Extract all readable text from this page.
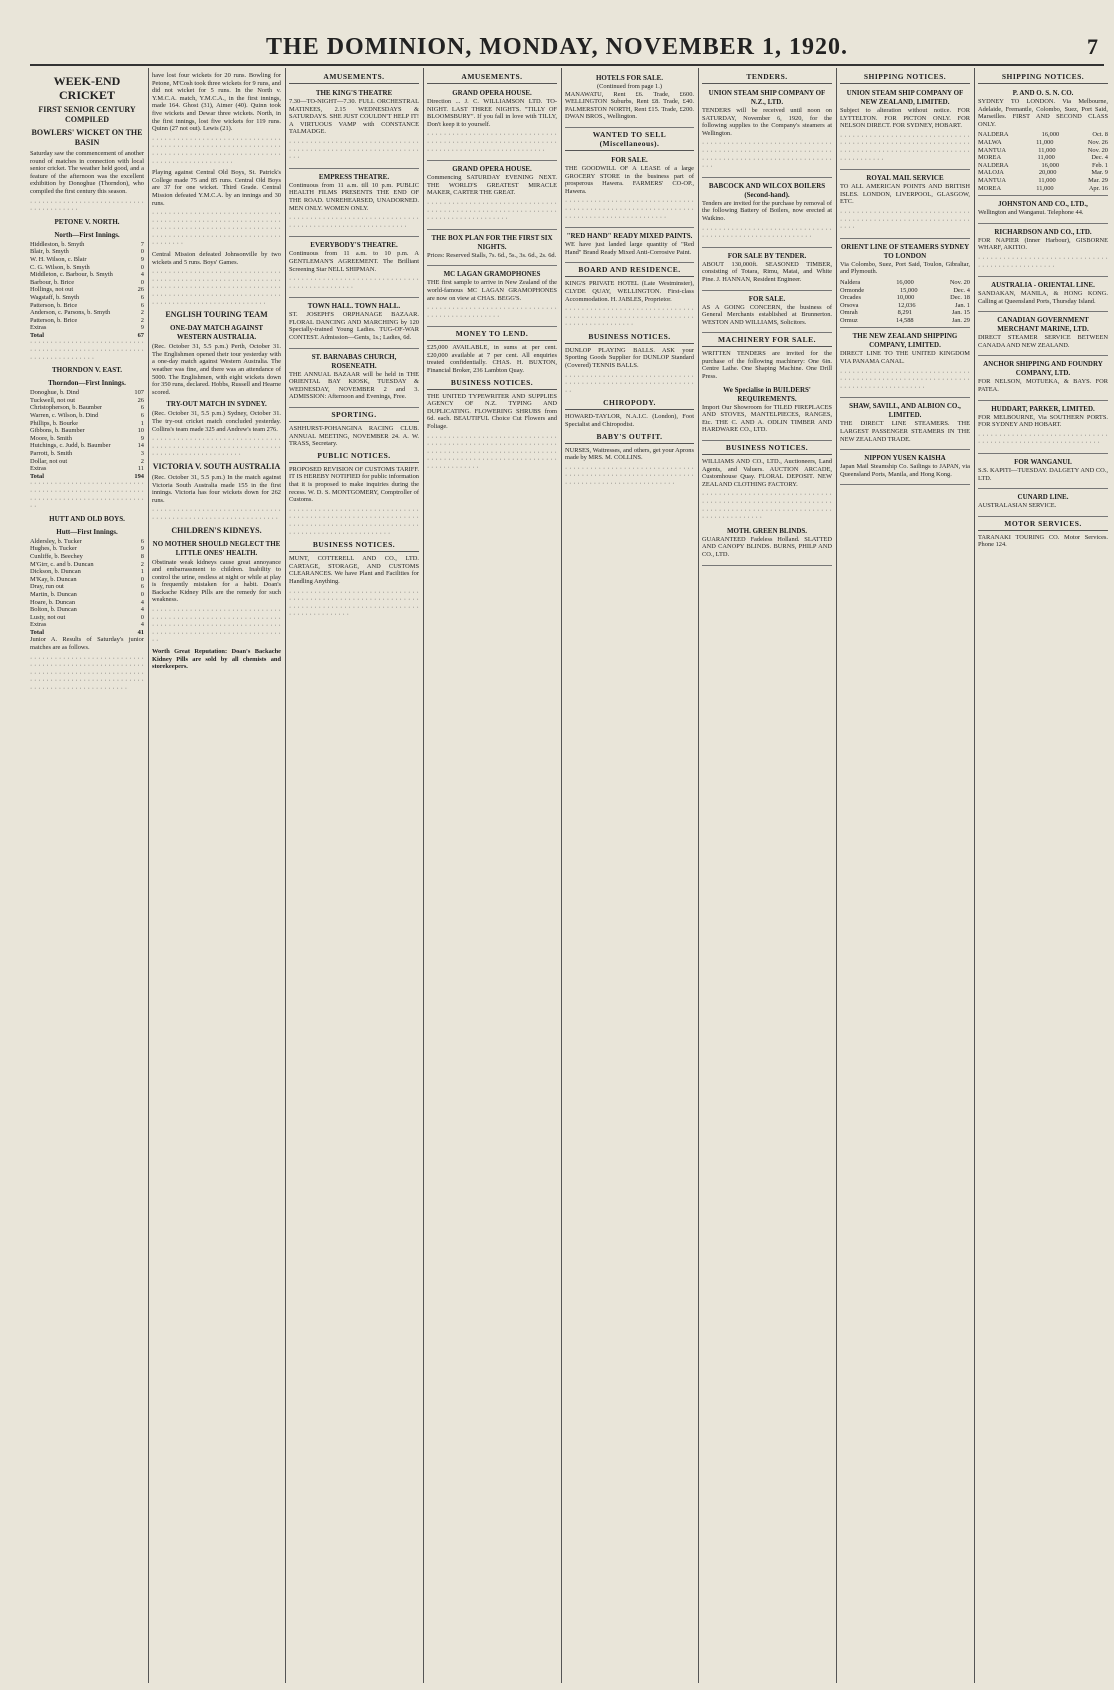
THE DOMINION, MONDAY, NOVEMBER 1, 1920.	7
WEEK-END CRICKET
FIRST SENIOR CENTURY COMPILED
BOWLERS' WICKET ON THE BASIN

Saturday saw the commencement of another round of matches in connection with local senior cricket. The weather held good, and a feature of the afternoon was the excellent exhibition by Donoghue (Thorndon), who compiled the first century this season.

· · · · · · · · · · · · · · · · · · · · · · · · · · · · · · · · · · · · · · · ·

PETONE V. NORTH.
North—First Innings.
Hiddleston, b. Smyth	7
Blair, b. Smyth	0
W. H. Wilson, c. Blair	9
C. G. Wilson, b. Smyth	0
Middleton, c. Barbour, b. Smyth	4
Barbour, b. Brice	0
Hollings, not out	26
Wagstaff, b. Smyth	6
Patterson, b. Brice	6
Anderson, c. Parsons, b. Smyth	2
Patterson, b. Brice	2
Extras	9
Total	67

· · · · · · · · · · · · · · · · · · · · · · · · · · · · · · · · · · · · · · · · · · · · · · · · · · · · · · · · · · · · · · · · · · · · · · · ·

THORNDON V. EAST.
Thorndon—First Innings.
Donoghue, b. Dind	107
Tuckwell, not out	26
Christopherson, b. Baumber	6
Warren, c. Wilson, b. Dind	6
Phillips, b. Bourke	1
Gibbons, b. Baumber	10
Moore, b. Smith	9
Hutchings, c. Judd, b. Baumber	14
Parrott, b. Smith	3
Dollar, not out	2
Extras	11
Total	194

· · · · · · · · · · · · · · · · · · · · · · · · · · · · · · · · · · · · · · · · · · · · · · · · · · · · · · · · · · · · · · · · · · · · · · · · · · · · · · · · · · · · · ·

HUTT AND OLD BOYS.
Hutt—First Innings.
Aldersley, b. Tucker	6
Hughes, b. Tucker	9
Cunliffe, b. Beechey	8
M'Girr, c. and b. Duncan	2
Dickson, b. Duncan	1
M'Kay, b. Duncan	0
Dray, run out	6
Martin, b. Duncan	0
Hoare, b. Duncan	4
Bolton, b. Duncan	4
Lusty, not out	0
Extras	4
Total	41

Junior A. Results of Saturday's junior matches are as follows.

· · · · · · · · · · · · · · · · · · · · · · · · · · · · · · · · · · · · · · · · · · · · · · · · · · · · · · · · · · · · · · · · · · · · · · · · · · · · · · · · · · · · · · · · · · · · · · · · · · · · · · · · · · · · · · · · · · · · · · · · · · · · · · · · · · · · · · · ·

have lost four wickets for 20 runs. Bowling for Petone, M'Cosh took three wickets for 9 runs, and did not wicket for 5 runs. In the North v. Y.M.C.A. match, Y.M.C.A., in the first innings, made 164. Ghost (31), Aimer (40). Quinn took five wickets and Dewar three wickets. North, in the first innings, lost five wickets for 119 runs. Quinn (27 not out). Lewis (21).

· · · · · · · · · · · · · · · · · · · · · · · · · · · · · · · · · · · · · · · · · · · · · · · · · · · · · · · · · · · · · · · · · · · · · · · · · · · · · · · · · · · · · · · · · · · · · · · · · · · · · · · · · · · · · · · · ·

Playing against Central Old Boys, St. Patrick's College made 75 and 85 runs. Central Old Boys are 37 for one wicket. Third Grade. Central Mission defeated Y.M.C.A. by an innings and 30 runs.

· · · · · · · · · · · · · · · · · · · · · · · · · · · · · · · · · · · · · · · · · · · · · · · · · · · · · · · · · · · · · · · · · · · · · · · · · · · · · · · · · · · · · · · · · · · · · · · · · · · · · · · · · · · · · · · · · · · · · · · · · · · · · · · · · · · ·

Central Mission defeated Johnsonville by two wickets and 5 runs. Boys' Games.

· · · · · · · · · · · · · · · · · · · · · · · · · · · · · · · · · · · · · · · · · · · · · · · · · · · · · · · · · · · · · · · · · · · · · · · · · · · · · · · · · · · · · · · · · · · · · · · · · · · · · · · · · · · · · · · · · · · · · · · · · · · · · · · · · · · · · · · · · · · · · · · · · · · · · · · ·

ENGLISH TOURING TEAM
ONE-DAY MATCH AGAINST WESTERN AUSTRALIA.

(Rec. October 31, 5.5 p.m.) Perth, October 31. The Englishmen opened their tour yesterday with a one-day match against Western Australia. The weather was fine, and there was an attendance of 5000. The Englishmen, with eight wickets down for 350 runs, declared. Hobbs, Russell and Hearne scored.

TRY-OUT MATCH IN SYDNEY.

(Rec. October 31, 5.5 p.m.) Sydney, October 31. The try-out cricket match concluded yesterday. Collins's team made 325 and Andrew's team 276.

· · · · · · · · · · · · · · · · · · · · · · · · · · · · · · · · · · · · · · · · · · · · · · · · · · · · · · · · · · · · · · · · · · · · · · · · · · · · · · · · · · · ·

VICTORIA V. SOUTH AUSTRALIA

(Rec. October 31, 5.5 p.m.) In the match against Victoria South Australia made 155 in the first innings. Victoria has four wickets down for 262 runs.

· · · · · · · · · · · · · · · · · · · · · · · · · · · · · · · · · · · · · · · · · · · · · · · · · · · · · · · · · · · · · ·

CHILDREN'S KIDNEYS.
NO MOTHER SHOULD NEGLECT THE LITTLE ONES' HEALTH.

Obstinate weak kidneys cause great annoyance and embarrassment to children. Inability to control the urine, restless at night or while at play is frequently mistaken for a habit. Doan's Backache Kidney Pills are the remedy for such weakness.

· · · · · · · · · · · · · · · · · · · · · · · · · · · · · · · · · · · · · · · · · · · · · · · · · · · · · · · · · · · · · · · · · · · · · · · · · · · · · · · · · · · · · · · · · · · · · · · · · · · · · · · · · · · · · · · · · · · · · · · · · · · · · ·

Worth Great Reputation: Doan's Backache Kidney Pills are sold by all chemists and storekeepers.

AMUSEMENTS.
THE KING'S THEATRE

7.30—TO-NIGHT—7.30. FULL ORCHESTRAL MATINEES, 2.15 WEDNESDAYS & SATURDAYS. SHE JUST COULDN'T HELP IT! A VIRTUOUS VAMP with CONSTANCE TALMADGE.

· · · · · · · · · · · · · · · · · · · · · · · · · · · · · · · · · · · · · · · · · · · · · · · · · · · · · · · · · · · · · · · · ·

EMPRESS THEATRE.

Continuous from 11 a.m. till 10 p.m. PUBLIC HEALTH FILMS PRESENTS THE END OF THE ROAD. UNREHEARSED, UNADORNED. MEN ONLY. WOMEN ONLY.

· · · · · · · · · · · · · · · · · · · · · · · · · · · · · · · · · · · · · · · · · · · · · · · · · · · · · · · · · · · ·

EVERYBODY'S THEATRE.

Continuous from 11 a.m. to 10 p.m. A GENTLEMAN'S AGREEMENT. The Brilliant Screening Star NELL SHIPMAN.

· · · · · · · · · · · · · · · · · · · · · · · · · · · · · · · · · · · · · · · · · · · · · · ·

TOWN HALL. TOWN HALL.

ST. JOSEPH'S ORPHANAGE BAZAAR. FLORAL DANCING AND MARCHING by 120 Specially-trained Young Ladies. TUG-OF-WAR CONTEST. Admission—Gents, 1s.; Ladies, 6d.

ST. BARNABAS CHURCH, ROSENEATH.

THE ANNUAL BAZAAR will be held in THE ORIENTAL BAY KIOSK, TUESDAY & WEDNESDAY, NOVEMBER 2 and 3. ADMISSION: Afternoon and Evenings, Free.

SPORTING.

ASHHURST-POHANGINA RACING CLUB. ANNUAL MEETING, NOVEMBER 24. A. W. TRASS, Secretary.

PUBLIC NOTICES.

PROPOSED REVISION OF CUSTOMS TARIFF. IT IS HEREBY NOTIFIED for public information that it is proposed to make inquiries during the recess. W. D. S. MONTGOMERY, Comptroller of Customs.

· · · · · · · · · · · · · · · · · · · · · · · · · · · · · · · · · · · · · · · · · · · · · · · · · · · · · · · · · · · · · · · · · · · · · · · · · · · · · · · · · · · · · · · · · · · · · · · · · · · · · · · · · · · · · · · · · · · · · ·

BUSINESS NOTICES.

MUNT, COTTERELL AND CO., LTD. CARTAGE, STORAGE, AND CUSTOMS CLEARANCES. We have Plant and Facilities for Handling Anything.

· · · · · · · · · · · · · · · · · · · · · · · · · · · · · · · · · · · · · · · · · · · · · · · · · · · · · · · · · · · · · · · · · · · · · · · · · · · · · · · · · · · · · · · · · · · · · · · · · · · · · · · · · · · ·

AMUSEMENTS.
GRAND OPERA HOUSE.

Direction ... J. C. WILLIAMSON LTD. TO-NIGHT. LAST THREE NIGHTS. "TILLY OF BLOOMSBURY". If you fall in love with TILLY, Don't keep it to yourself.

· · · · · · · · · · · · · · · · · · · · · · · · · · · · · · · · · · · · · · · · · · · · · · · · · · · · · · · · · · · · · · · · · · · · · · · · · · · · · · · · · · · · · · · · · · ·

GRAND OPERA HOUSE.

Commencing SATURDAY EVENING NEXT. THE WORLD'S GREATEST MIRACLE MAKER, CARTER THE GREAT.

· · · · · · · · · · · · · · · · · · · · · · · · · · · · · · · · · · · · · · · · · · · · · · · · · · · · · · · · · · · · · · · · · · · · · · · · · · · · · · · · · ·

THE BOX PLAN FOR THE FIRST SIX NIGHTS.

Prices: Reserved Stalls, 7s. 6d., 5s., 3s. 6d., 2s. 6d.

MC LAGAN GRAMOPHONES

THE first sample to arrive in New Zealand of the world-famous MC LAGAN GRAMOPHONES are now on view at CHAS. BEGG'S.

· · · · · · · · · · · · · · · · · · · · · · · · · · · · · · · · · · · · · · · · · · · · · · · · ·

MONEY TO LEND.

£25,000 AVAILABLE, in sums at per cent. £20,000 available at 7 per cent. All enquiries treated confidentially. CHAS. H. BUXTON, Financial Broker, 236 Lambton Quay.

BUSINESS NOTICES.

THE UNITED TYPEWRITER AND SUPPLIES AGENCY OF N.Z. TYPING AND DUPLICATING. FLOWERING SHRUBS from 6d. each. BEAUTIFUL Choice Cut Flowers and Foliage.

· · · · · · · · · · · · · · · · · · · · · · · · · · · · · · · · · · · · · · · · · · · · · · · · · · · · · · · · · · · · · · · · · · · · · · · · · · · · · · · · · · · · · · · · · · · · · · · · · · · · · · · · · · · · · · · · · · · · · · · · · · · · · · · · · · · · · · · · ·

HOTELS FOR SALE.
(Continued from page 1.)

MANAWATU, Rent £6. Trade, £600. WELLINGTON Suburbs, Rent £8. Trade, £40. PALMERSTON NORTH, Rent £15. Trade, £200. DWAN BROS., Wellington.

WANTED TO SELL (Miscellaneous).
FOR SALE.

THE GOODWILL OF A LEASE of a large GROCERY STORE in the business part of prosperous Hawera. FARMERS' CO-OP., Hawera.

· · · · · · · · · · · · · · · · · · · · · · · · · · · · · · · · · · · · · · · · · · · · · · · · · · · · · · · · · · · · · · · · · · · · · · · · · · · · · · · · · · · · · · ·

"RED HAND" READY MIXED PAINTS.

WE have just landed large quantity of "Red Hand" Brand Ready Mixed Anti-Corrosive Paint.

BOARD AND RESIDENCE.

KING'S PRIVATE HOTEL (Late Westminster), CLYDE QUAY, WELLINGTON. First-class Accommodation. H. JABLES, Proprietor.

· · · · · · · · · · · · · · · · · · · · · · · · · · · · · · · · · · · · · · · · · · · · · · · · · · · · · · · · · · · · · · · · · · · · · · · · · · · · · · ·

BUSINESS NOTICES.

DUNLOP PLAYING BALLS. ASK your Sporting Goods Supplier for DUNLOP Standard (Covered) TENNIS BALLS.

· · · · · · · · · · · · · · · · · · · · · · · · · · · · · · · · · · · · · · · · · · · · · · · · · · · · · · · · · · · · · · · ·

CHIROPODY.

HOWARD-TAYLOR, N.A.I.C. (London), Foot Specialist and Chiropodist.

BABY'S OUTFIT.

NURSES, Waitresses, and others, get your Aprons made by MRS. M. COLLINS.

· · · · · · · · · · · · · · · · · · · · · · · · · · · · · · · · · · · · · · · · · · · · · · · · · · · · · · · · · · · · · · · · · · · · · · · · · · · · · · · · · · · · · · · · ·

TENDERS.
UNION STEAM SHIP COMPANY OF N.Z., LTD.

TENDERS will be received until noon on SATURDAY, November 6, 1920, for the following supplies to the Company's steamers at Wellington.

· · · · · · · · · · · · · · · · · · · · · · · · · · · · · · · · · · · · · · · · · · · · · · · · · · · · · · · · · · · · · · · · · · · · · · · · · · · · · · · · · · · · · · · · · · · · · · · ·

BABCOCK AND WILCOX BOILERS (Second-hand).

Tenders are invited for the purchase by removal of the following Battery of Boilers, now erected at Waikino.

· · · · · · · · · · · · · · · · · · · · · · · · · · · · · · · · · · · · · · · · · · · · · · · · · · · · · · · · · ·

FOR SALE BY TENDER.

ABOUT 130,000ft. SEASONED TIMBER, consisting of Totara, Rimu, Matai, and White Pine. J. HANNAN, Resident Engineer.

FOR SALE.

AS A GOING CONCERN, the business of General Merchants established at Brunnerton. WESTON AND WILLIAMS, Solicitors.

MACHINERY FOR SALE.

WRITTEN TENDERS are invited for the purchase of the following machinery: One 6in. Centre Lathe. One Shaping Machine. One Drill Press.

We Specialise in BUILDERS' REQUIREMENTS.

Import Our Showroom for TILED FIREPLACES AND STOVES, MANTELPIECES, RANGES, Etc. THE C. AND A. ODLIN TIMBER AND HARDWARE CO., LTD.

BUSINESS NOTICES.

WILLIAMS AND CO., LTD., Auctioneers, Land Agents, and Valuers. AUCTION ARCADE, Customhouse Quay. FLORAL DEPOSIT. NEW ZEALAND CLOTHING FACTORY.

· · · · · · · · · · · · · · · · · · · · · · · · · · · · · · · · · · · · · · · · · · · · · · · · · · · · · · · · · · · · · · · · · · · · · · · · · · · · · · · · · · · · · · · · · · · · · · · · · · · · · · · · · · · ·

MOTH. GREEN BLINDS.

GUARANTEED Fadeless Holland. SLATTED AND CANOPY BLINDS. BURNS, PHILP AND CO., LTD.

SHIPPING NOTICES.
UNION STEAM SHIP COMPANY OF NEW ZEALAND, LIMITED.

Subject to alteration without notice. FOR LYTTELTON. FOR PICTON ONLY. FOR NELSON DIRECT. FOR SYDNEY, HOBART.

· · · · · · · · · · · · · · · · · · · · · · · · · · · · · · · · · · · · · · · · · · · · · · · · · · · · · · · · · · · · · · · · · · · · · · · · · · · · · · · · · · · · · · · · · · · · · · · · · · · · · · · ·

ROYAL MAIL SERVICE

TO ALL AMERICAN POINTS AND BRITISH ISLES. LONDON, LIVERPOOL, GLASGOW, ETC.

· · · · · · · · · · · · · · · · · · · · · · · · · · · · · · · · · · · · · · · · · · · · · · · · · · · · · · · · · · · · · · · · · ·

ORIENT LINE OF STEAMERS SYDNEY TO LONDON

Via Colombo, Suez, Port Said, Toulon, Gibraltar, and Plymouth.

Naldera	16,000	Nov. 20
Ormonde	15,000	Dec. 4
Orcades	10,000	Dec. 18
Orsova	12,036	Jan. 1
Omrah	8,291	Jan. 15
Ormuz	14,588	Jan. 29
THE NEW ZEALAND SHIPPING COMPANY, LIMITED.

DIRECT LINE TO THE UNITED KINGDOM VIA PANAMA CANAL.

· · · · · · · · · · · · · · · · · · · · · · · · · · · · · · · · · · · · · · · · · · · · · · · · · · · · · · · · · · · · · · · · · · · · · · · · · · · · · · · · · · ·

SHAW, SAVILL, AND ALBION CO., LIMITED.

THE DIRECT LINE STEAMERS. THE LARGEST PASSENGER STEAMERS IN THE NEW ZEALAND TRADE.

NIPPON YUSEN KAISHA

Japan Mail Steamship Co. Sailings to JAPAN, via Queensland Ports, Manila, and Hong Kong.

SHIPPING NOTICES.
P. AND O. S. N. CO.

SYDNEY TO LONDON. Via Melbourne, Adelaide, Fremantle, Colombo, Suez, Port Said, Marseilles. FIRST AND SECOND CLASS ONLY.

NALDERA	16,000	Oct. 8
MALWA	11,000	Nov. 26
MANTUA	11,000	Nov. 20
MOREA	11,000	Dec. 4
NALDERA	16,000	Feb. 1
MALOJA	20,000	Mar. 9
MANTUA	11,000	Mar. 29
MOREA	11,000	Apr. 16
JOHNSTON AND CO., LTD.,

Wellington and Wanganui. Telephone 44.

RICHARDSON AND CO., LTD.

FOR NAPIER (Inner Harbour), GISBORNE WHARF, AKITIO.

· · · · · · · · · · · · · · · · · · · · · · · · · · · · · · · · · · · · · · · · · · · · · · · · · ·

AUSTRALIA - ORIENTAL LINE.

SANDAKAN, MANILA, & HONG KONG. Calling at Queensland Ports, Thursday Island.

CANADIAN GOVERNMENT MERCHANT MARINE, LTD.

DIRECT STEAMER SERVICE BETWEEN CANADA AND NEW ZEALAND.

ANCHOR SHIPPING AND FOUNDRY COMPANY, LTD.

FOR NELSON, MOTUEKA, & BAYS. FOR PATEA.

HUDDART, PARKER, LIMITED.

FOR MELBOURNE, Via SOUTHERN PORTS. FOR SYDNEY AND HOBART.

· · · · · · · · · · · · · · · · · · · · · · · · · · · · · · · · · · · · · · · · · · · · · · · · · · · · · · · · · · · · ·

FOR WANGANUI.

S.S. KAPITI—TUESDAY. DALGETY AND CO., LTD.

CUNARD LINE.

AUSTRALASIAN SERVICE.

MOTOR SERVICES.

TARANAKI TOURING CO. Motor Services. Phone 124.
